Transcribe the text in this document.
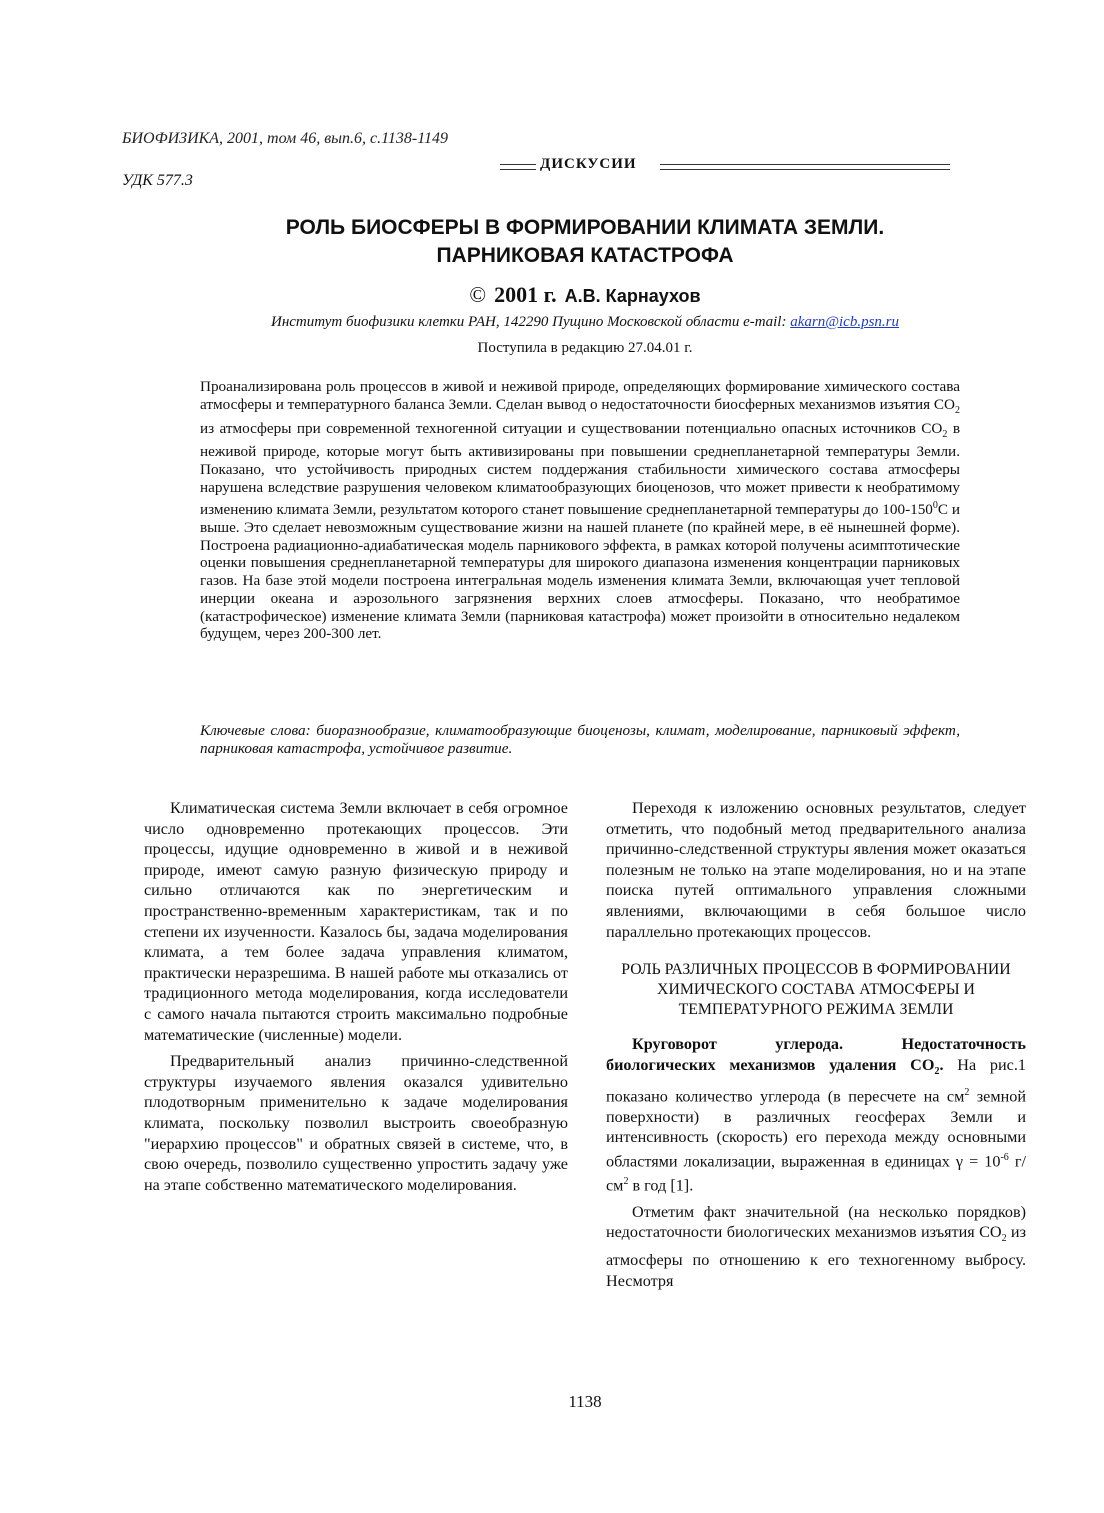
БИОФИЗИКА, 2001, том 46, вып.6, с.1138-1149
ДИСКУСИИ
УДК 577.3
РОЛЬ БИОСФЕРЫ В ФОРМИРОВАНИИ КЛИМАТА ЗЕМЛИ.
ПАРНИКОВАЯ КАТАСТРОФА
© 2001 г. А.В. Карнаухов
Институт биофизики клетки РАН, 142290 Пущино Московской области e-mail: akarn@icb.psn.ru
Поступила в редакцию 27.04.01 г.
Проанализирована роль процессов в живой и неживой природе, определяющих формирование химического состава атмосферы и температурного баланса Земли. Сделан вывод о недостаточности биосферных механизмов изъятия $CO_2$ из атмосферы при современной техногенной ситуации и существовании потенциально опасных источников $CO_2$ в неживой природе, которые могут быть активизированы при повышении среднепланетарной температуры Земли. Показано, что устойчивость природных систем поддержания стабильности химического состава атмосферы нарушена вследствие разрушения человеком климатообразующих биоценозов, что может привести к необратимому изменению климата Земли, результатом которого станет повышение среднепланетарной температуры до $100-150^0С$ и выше. Это сделает невозможным существование жизни на нашей планете (по крайней мере, в её нынешней форме). Построена радиационно-адиабатическая модель парникового эффекта, в рамках которой получены асимптотические оценки повышения среднепланетарной температуры для широкого диапазона изменения концентрации парниковых газов. На базе этой модели построена интегральная модель изменения климата Земли, включающая учет тепловой инерции океана и аэрозольного загрязнения верхних слоев атмосферы. Показано, что необратимое (катастрофическое) изменение климата Земли (парниковая катастрофа) может произойти в относительно недалеком будущем, через 200-300 лет.
Ключевые слова: биоразнообразие, климатообразующие биоценозы, климат, моделирование, парниковый эффект, парниковая катастрофа, устойчивое развитие.

Климатическая система Земли включает в себя огромное число одновременно протекающих процессов. Эти процессы, идущие одновременно в живой и в неживой природе, имеют самую разную физическую природу и сильно отличаются как по энергетическим и пространственно-временным характеристикам, так и по степени их изученности. Казалось бы, задача моделирования климата, а тем более задача управления климатом, практически неразрешима. В нашей работе мы отказались от традиционного метода моделирования, когда исследователи с самого начала пытаются строить максимально подробные математические (численные) модели.

Предварительный анализ причинно-следственной структуры изучаемого явления оказался удивительно плодотворным применительно к задаче моделирования климата, поскольку позволил выстроить своеобразную "иерархию процессов" и обратных связей в системе, что, в свою очередь, позволило существенно упростить задачу уже на этапе собственно математического моделирования.

Переходя к изложению основных результатов, следует отметить, что подобный метод предварительного анализа причинно-следственной структуры явления может оказаться полезным не только на этапе моделирования, но и на этапе поиска путей оптимального управления сложными явлениями, включающими в себя большое число параллельно протекающих процессов.

РОЛЬ РАЗЛИЧНЫХ ПРОЦЕССОВ В ФОРМИРОВАНИИ ХИМИЧЕСКОГО СОСТАВА АТМОСФЕРЫ И ТЕМПЕРАТУРНОГО РЕЖИМА ЗЕМЛИ

Круговорот углерода. Недостаточность биологических механизмов удаления $CO_2$. На рис.1 показано количество углерода (в пересчете на $см^2$ земной поверхности) в различных геосферах Земли и интенсивность (скорость) его перехода между основными областями локализации, выраженная в единицах $\gamma = 10^{-6}$ $г/см^2$ в год [1].

Отметим факт значительной (на несколько порядков) недостаточности биологических механизмов изъятия $CO_2$ из атмосферы по отношению к его техногенному выбросу. Несмотря

1138
